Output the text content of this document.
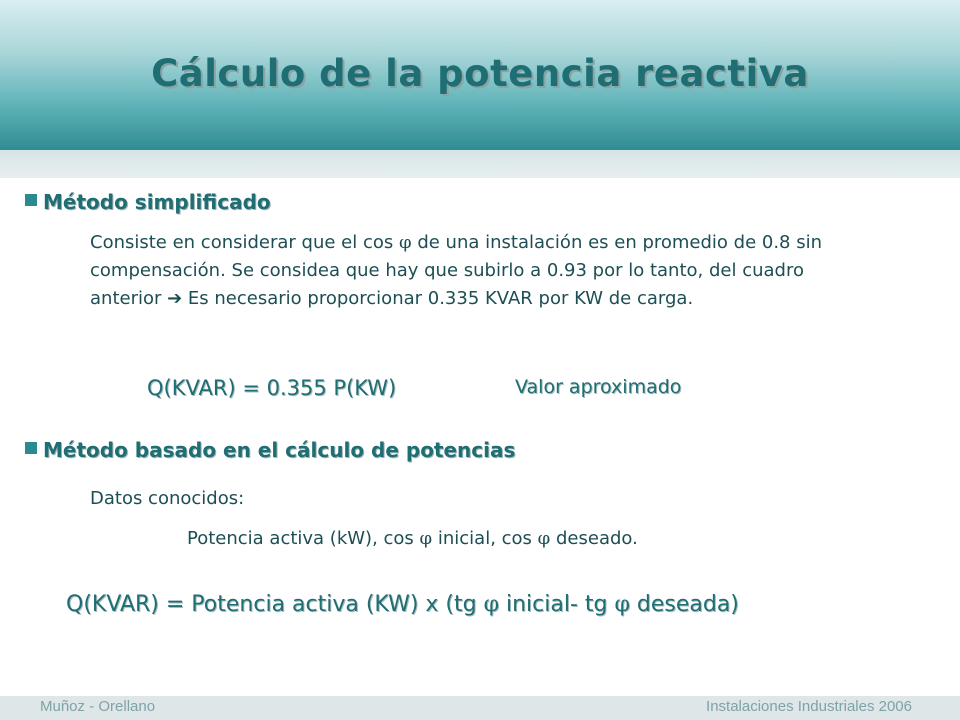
Cálculo de la potencia reactiva
Método simplificado
Consiste en considerar que el cos φ de una instalación es en promedio de 0.8 sin compensación. Se considea que hay que subirlo a 0.93 por lo tanto, del cuadro anterior ➔ Es necesario proporcionar 0.335 KVAR por KW de carga.
Q(KVAR) = 0.355 P(KW)	Valor aproximado
Método basado en el cálculo de potencias
Datos conocidos:
Potencia activa (kW), cos φ inicial, cos φ deseado.
Q(KVAR) = Potencia activa (KW) x (tg φ inicial- tg φ deseada)
Muñoz - Orellano	Instalaciones Industriales 2006
